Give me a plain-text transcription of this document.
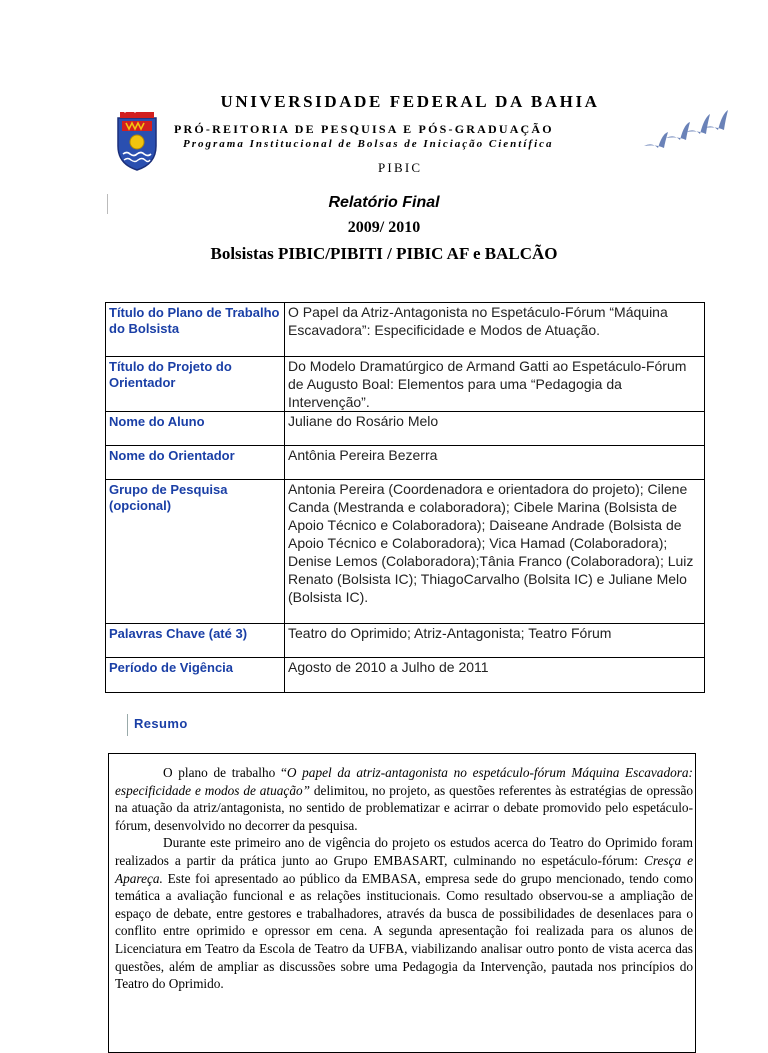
UNIVERSIDADE FEDERAL DA BAHIA
PRÓ-REITORIA DE PESQUISA E PÓS-GRADUAÇÃO
Programa Institucional de Bolsas de Iniciação Científica
PIBIC
Relatório Final
2009/ 2010
Bolsistas PIBIC/PIBITI / PIBIC AF e BALCÃO
Título do Plano de Trabalho do Bolsista	O Papel da Atriz-Antagonista no Espetáculo-Fórum “Máquina Escavadora”: Especificidade e Modos de Atuação.
Título do Projeto do Orientador	Do Modelo Dramatúrgico de Armand Gatti ao Espetáculo-Fórum de Augusto Boal: Elementos para uma “Pedagogia da Intervenção”.
Nome do Aluno	Juliane do Rosário Melo
Nome do Orientador	Antônia Pereira Bezerra
Grupo de Pesquisa (opcional)	Antonia Pereira (Coordenadora e orientadora do projeto); Cilene Canda (Mestranda e colaboradora); Cibele Marina (Bolsista de Apoio Técnico e Colaboradora); Daiseane Andrade (Bolsista de Apoio Técnico e Colaboradora); Vica Hamad (Colaboradora); Denise Lemos (Colaboradora);Tânia Franco (Colaboradora); Luiz Renato (Bolsista IC); ThiagoCarvalho (Bolsita IC) e Juliane Melo (Bolsista IC).
Palavras Chave (até 3)	Teatro do Oprimido; Atriz-Antagonista; Teatro Fórum
Período de Vigência	Agosto de 2010 a Julho de 2011
Resumo

O plano de trabalho “O papel da atriz-antagonista no espetáculo-fórum Máquina Escavadora: especificidade e modos de atuação” delimitou, no projeto, as questões referentes às estratégias de opressão na atuação da atriz/antagonista, no sentido de problematizar e acirrar o debate promovido pelo espetáculo-fórum, desenvolvido no decorrer da pesquisa.

Durante este primeiro ano de vigência do projeto os estudos acerca do Teatro do Oprimido foram realizados a partir da prática junto ao Grupo EMBASART, culminando no espetáculo-fórum: Cresça e Apareça. Este foi apresentado ao público da EMBASA, empresa sede do grupo mencionado, tendo como temática a avaliação funcional e as relações institucionais. Como resultado observou-se a ampliação de espaço de debate, entre gestores e trabalhadores, através da busca de possibilidades de desenlaces para o conflito entre oprimido e opressor em cena. A segunda apresentação foi realizada para os alunos de Licenciatura em Teatro da Escola de Teatro da UFBA, viabilizando analisar outro ponto de vista acerca das questões, além de ampliar as discussões sobre uma Pedagogia da Intervenção, pautada nos princípios do Teatro do Oprimido.
